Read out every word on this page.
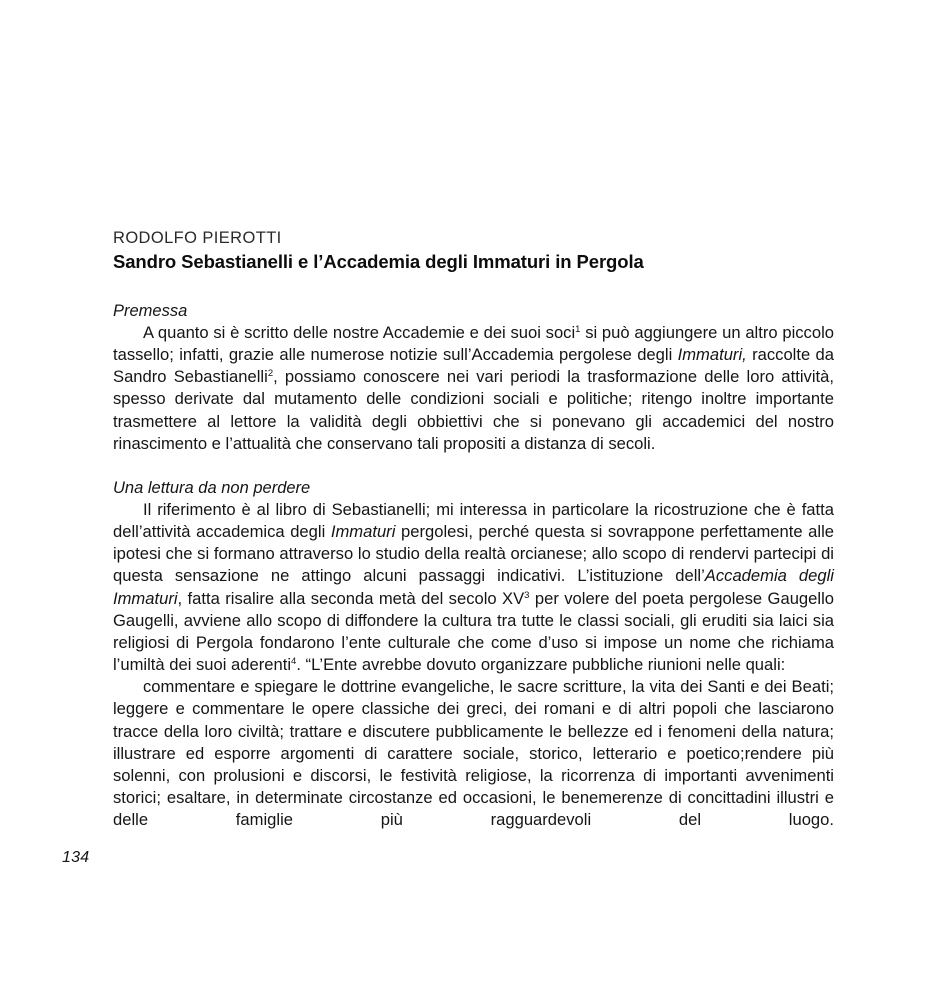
RODOLFO PIEROTTI
Sandro Sebastianelli e l’Accademia degli Immaturi in Pergola
Premessa

A quanto si è scritto delle nostre Accademie e dei suoi soci$^1$ si può aggiungere un altro piccolo tassello; infatti, grazie alle numerose notizie sull’Accademia pergolese degli Immaturi, raccolte da Sandro Sebastianelli$^2$, possiamo conoscere nei vari periodi la trasformazione delle loro attività, spesso derivate dal mutamento delle condizioni sociali e politiche; ritengo inoltre importante trasmettere al lettore la validità degli obbiettivi che si ponevano gli accademici del nostro rinascimento e l’attualità che conservano tali propositi a distanza di secoli.

Una lettura da non perdere

Il riferimento è al libro di Sebastianelli; mi interessa in particolare la ricostruzione che è fatta dell’attività accademica degli Immaturi pergolesi, perché questa si sovrappone perfettamente alle ipotesi che si formano attraverso lo studio della realtà orcianese; allo scopo di rendervi partecipi di questa sensazione ne attingo alcuni passaggi indicativi. L’istituzione dell’Accademia degli Immaturi, fatta risalire alla seconda metà del secolo XV$^3$ per volere del poeta pergolese Gaugello Gaugelli, avviene allo scopo di diffondere la cultura tra tutte le classi sociali, gli eruditi sia laici sia religiosi di Pergola fondarono l’ente culturale che come d’uso si impose un nome che richiama l’umiltà dei suoi aderenti$^4$. “L’Ente avrebbe dovuto organizzare pubbliche riunioni nelle quali:

commentare e spiegare le dottrine evangeliche, le sacre scritture, la vita dei Santi e dei Beati; leggere e commentare le opere classiche dei greci, dei romani e di altri popoli che lasciarono tracce della loro civiltà; trattare e discutere pubblicamente le bellezze ed i fenomeni della natura; illustrare ed esporre argomenti di carattere sociale, storico, letterario e poetico;rendere più solenni, con prolusioni e discorsi, le festività religiose, la ricorrenza di importanti avvenimenti storici; esaltare, in determinate circostanze ed occasioni, le benemerenze di concittadini illustri e delle famiglie più ragguardevoli del luogo.

134
